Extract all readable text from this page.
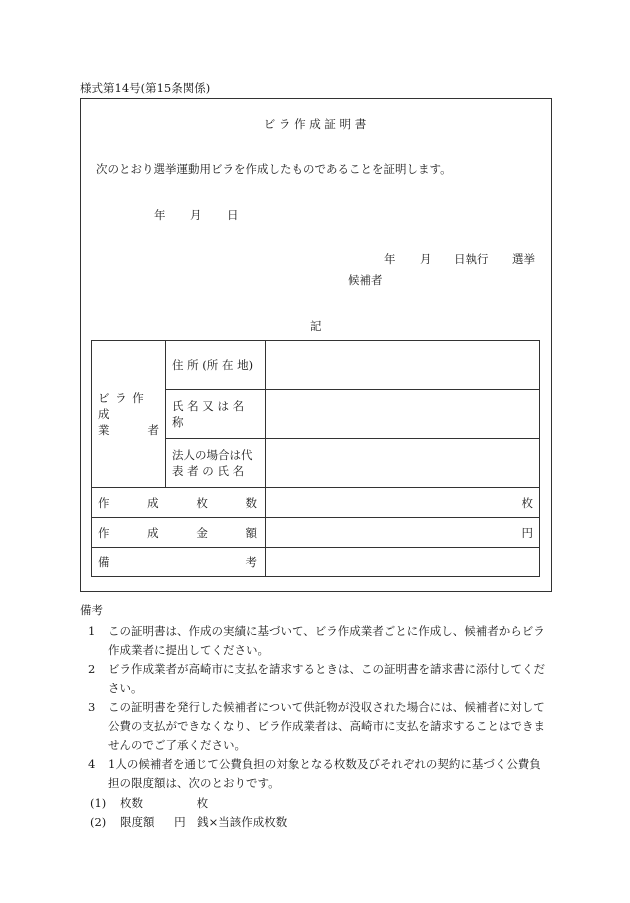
様式第14号(第15条関係)
ビ ラ 作 成 証 明 書
次のとおり選挙運動用ビラを作成したものであることを証明します。
年 月 日
年 月 日執行 選挙
候補者
記
ビ ラ 作 成
業 者	住 所 (所 在 地)	
	氏 名 又 は 名 称	

	法人の場合は代
表 者 の 氏 名	

作 成 枚 数		枚

作 成 金 額		円

備 考		

備考
1	この証明書は、作成の実績に基づいて、ビラ作成業者ごとに作成し、候補者からビラ作成業者に提出してください。
2	ビラ作成業者が高崎市に支払を請求するときは、この証明書を請求書に添付してください。
3	この証明書を発行した候補者について供託物が没収された場合には、候補者に対して公費の支払ができなくなり、ビラ作成業者は、高崎市に支払を請求することはできませんのでご了承ください。
4	1人の候補者を通じて公費負担の対象となる枚数及びそれぞれの契約に基づく公費負担の限度額は、次のとおりです。
(1) 枚数	枚
(2) 限度額 円　銭×当該作成枚数
